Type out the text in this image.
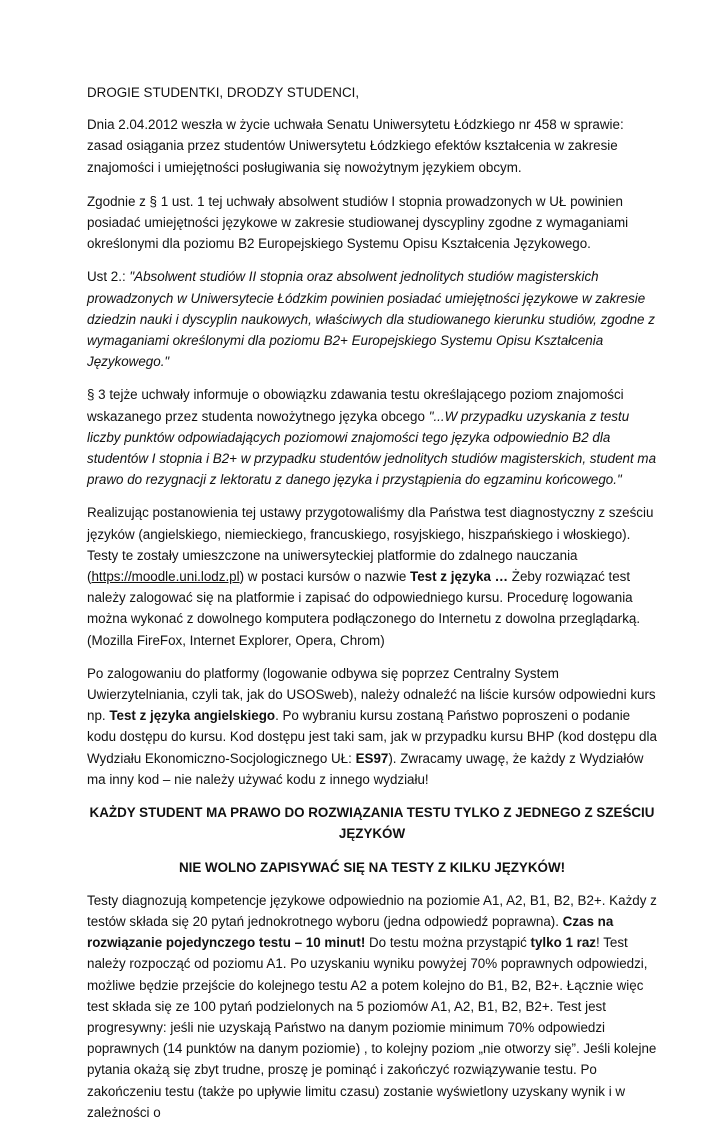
DROGIE STUDENTKI, DRODZY STUDENCI,

Dnia 2.04.2012 weszła w życie uchwała Senatu Uniwersytetu Łódzkiego nr 458 w sprawie: zasad osiągania przez studentów Uniwersytetu Łódzkiego efektów kształcenia w zakresie znajomości i umiejętności posługiwania się nowożytnym językiem obcym.

Zgodnie z § 1 ust. 1 tej uchwały absolwent studiów I stopnia prowadzonych w UŁ powinien posiadać umiejętności językowe w zakresie studiowanej dyscypliny zgodne z wymaganiami określonymi dla poziomu B2 Europejskiego Systemu Opisu Kształcenia Językowego.

Ust 2.: "Absolwent studiów II stopnia oraz absolwent jednolitych studiów magisterskich prowadzonych w Uniwersytecie Łódzkim powinien posiadać umiejętności językowe w zakresie dziedzin nauki i dyscyplin naukowych, właściwych dla studiowanego kierunku studiów, zgodne z wymaganiami określonymi dla poziomu B2+ Europejskiego Systemu Opisu Kształcenia Językowego."

§ 3 tejże uchwały informuje o obowiązku zdawania testu określającego poziom znajomości wskazanego przez studenta nowożytnego języka obcego "...W przypadku uzyskania z testu liczby punktów odpowiadających poziomowi znajomości tego języka odpowiednio B2 dla studentów I stopnia i B2+ w przypadku studentów jednolitych studiów magisterskich, student ma prawo do rezygnacji z lektoratu z danego języka i przystąpienia do egzaminu końcowego."

Realizując postanowienia tej ustawy przygotowaliśmy dla Państwa test diagnostyczny z sześciu języków (angielskiego, niemieckiego, francuskiego, rosyjskiego, hiszpańskiego i włoskiego). Testy te zostały umieszczone na uniwersyteckiej platformie do zdalnego nauczania (https://moodle.uni.lodz.pl) w postaci kursów o nazwie Test z języka … Żeby rozwiązać test należy zalogować się na platformie i zapisać do odpowiedniego kursu. Procedurę logowania można wykonać z dowolnego komputera podłączonego do Internetu z dowolna przeglądarką. (Mozilla FireFox, Internet Explorer, Opera, Chrom)

Po zalogowaniu do platformy (logowanie odbywa się poprzez Centralny System Uwierzytelniania, czyli tak, jak do USOSweb), należy odnaleźć na liście kursów odpowiedni kurs np. Test z języka angielskiego. Po wybraniu kursu zostaną Państwo poproszeni o podanie kodu dostępu do kursu. Kod dostępu jest taki sam, jak w przypadku kursu BHP (kod dostępu dla Wydziału Ekonomiczno-Socjologicznego UŁ: ES97). Zwracamy uwagę, że każdy z Wydziałów ma inny kod – nie należy używać kodu z innego wydziału!

KAŻDY STUDENT MA PRAWO DO ROZWIĄZANIA TESTU TYLKO Z JEDNEGO Z SZEŚCIU JĘZYKÓW

NIE WOLNO ZAPISYWAĆ SIĘ NA TESTY Z KILKU JĘZYKÓW!

Testy diagnozują kompetencje językowe odpowiednio na poziomie A1, A2, B1, B2, B2+. Każdy z testów składa się 20 pytań jednokrotnego wyboru (jedna odpowiedź poprawna). Czas na rozwiązanie pojedynczego testu – 10 minut! Do testu można przystąpić tylko 1 raz! Test należy rozpocząć od poziomu A1. Po uzyskaniu wyniku powyżej 70% poprawnych odpowiedzi, możliwe będzie przejście do kolejnego testu A2 a potem kolejno do B1, B2, B2+. Łącznie więc test składa się ze 100 pytań podzielonych na 5 poziomów A1, A2, B1, B2, B2+. Test jest progresywny: jeśli nie uzyskają Państwo na danym poziomie minimum 70% odpowiedzi poprawnych (14 punktów na danym poziomie) , to kolejny poziom „nie otworzy się”. Jeśli kolejne pytania okażą się zbyt trudne, proszę je pominąć i zakończyć rozwiązywanie testu. Po zakończeniu testu (także po upływie limitu czasu) zostanie wyświetlony uzyskany wynik i w zależności o
